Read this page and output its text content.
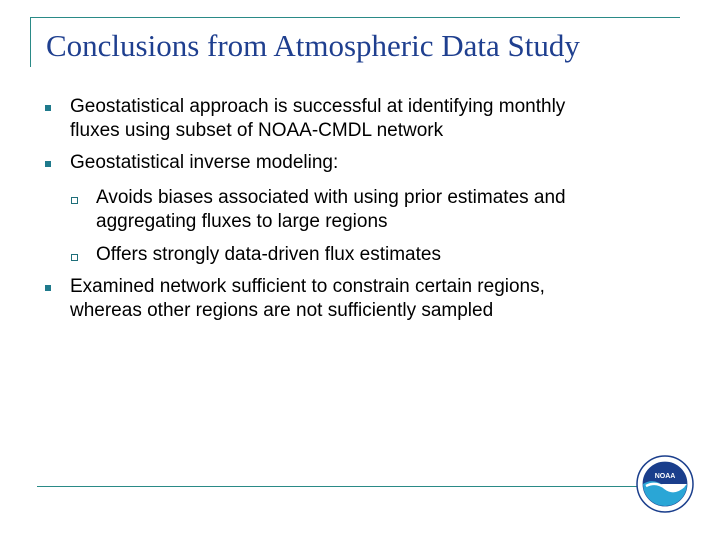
Conclusions from Atmospheric Data Study
Geostatistical approach is successful at identifying monthly
fluxes using subset of NOAA-CMDL network
Geostatistical inverse modeling:
Avoids biases associated with using prior estimates and
aggregating fluxes to large regions
Offers strongly data-driven flux estimates
Examined network sufficient to constrain certain regions,
whereas other regions are not sufficiently sampled
NOAA
